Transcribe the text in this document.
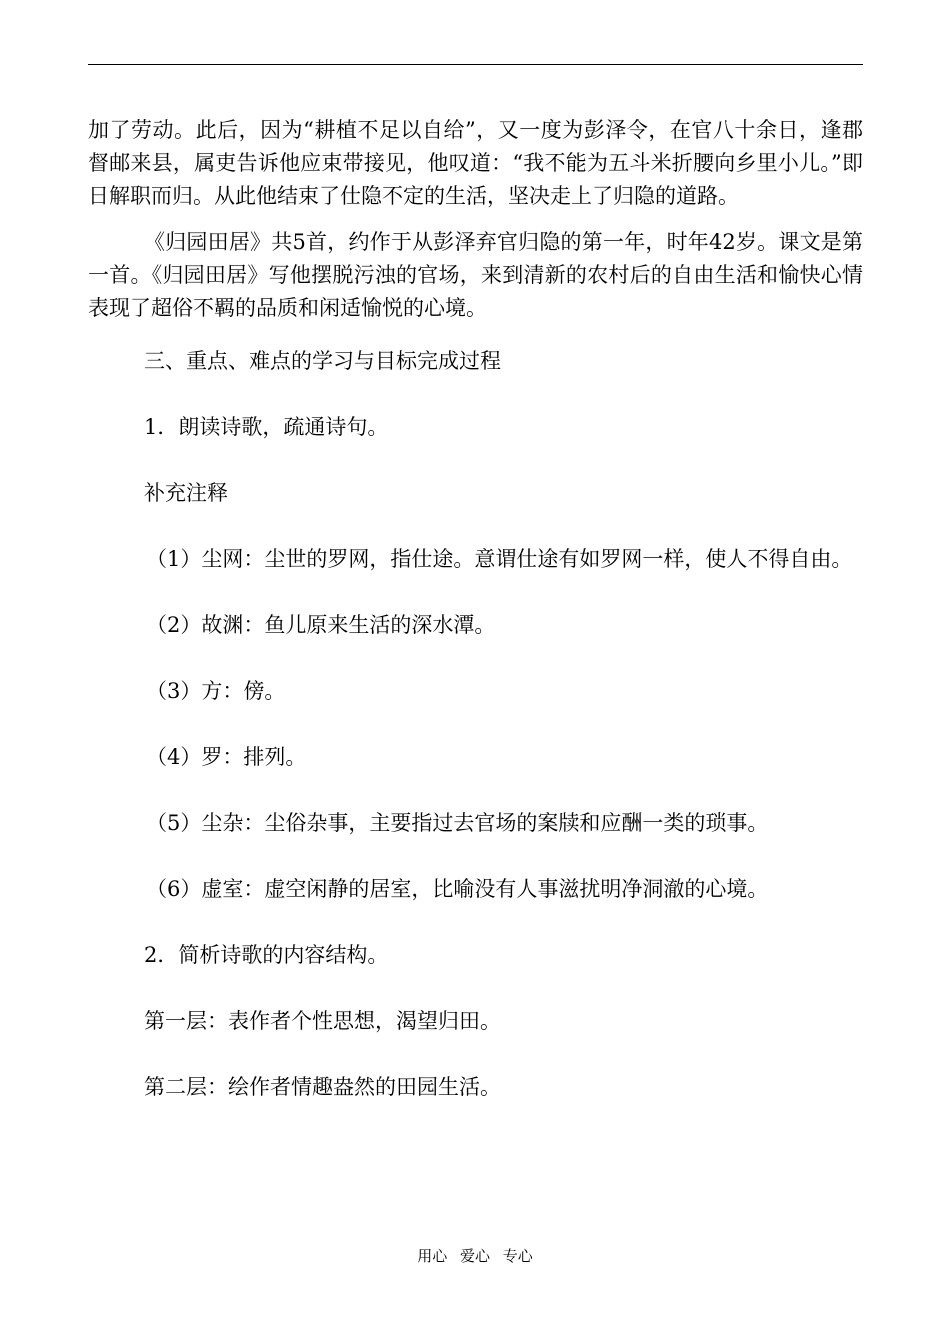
加了劳动。此后，因为“耕植不足以自给”，又一度为彭泽令，在官八十余日，逢郡督邮来县，属吏告诉他应束带接见，他叹道：“我不能为五斗米折腰向乡里小儿。”即日解职而归。从此他结束了仕隐不定的生活，坚决走上了归隐的道路。

《归园田居》共5首，约作于从彭泽弃官归隐的第一年，时年42岁。课文是第一首。《归园田居》写他摆脱污浊的官场，来到清新的农村后的自由生活和愉快心情表现了超俗不羁的品质和闲适愉悦的心境。

三、重点、难点的学习与目标完成过程

1．朗读诗歌，疏通诗句。

补充注释

（1）尘网：尘世的罗网，指仕途。意谓仕途有如罗网一样，使人不得自由。

（2）故渊：鱼儿原来生活的深水潭。

（3）方：傍。

（4）罗：排列。

（5）尘杂：尘俗杂事，主要指过去官场的案牍和应酬一类的琐事。

（6）虚室：虚空闲静的居室，比喻没有人事滋扰明净洞澈的心境。

2．简析诗歌的内容结构。

第一层：表作者个性思想，渴望归田。

第二层：绘作者情趣盎然的田园生活。

用心 爱心 专心
